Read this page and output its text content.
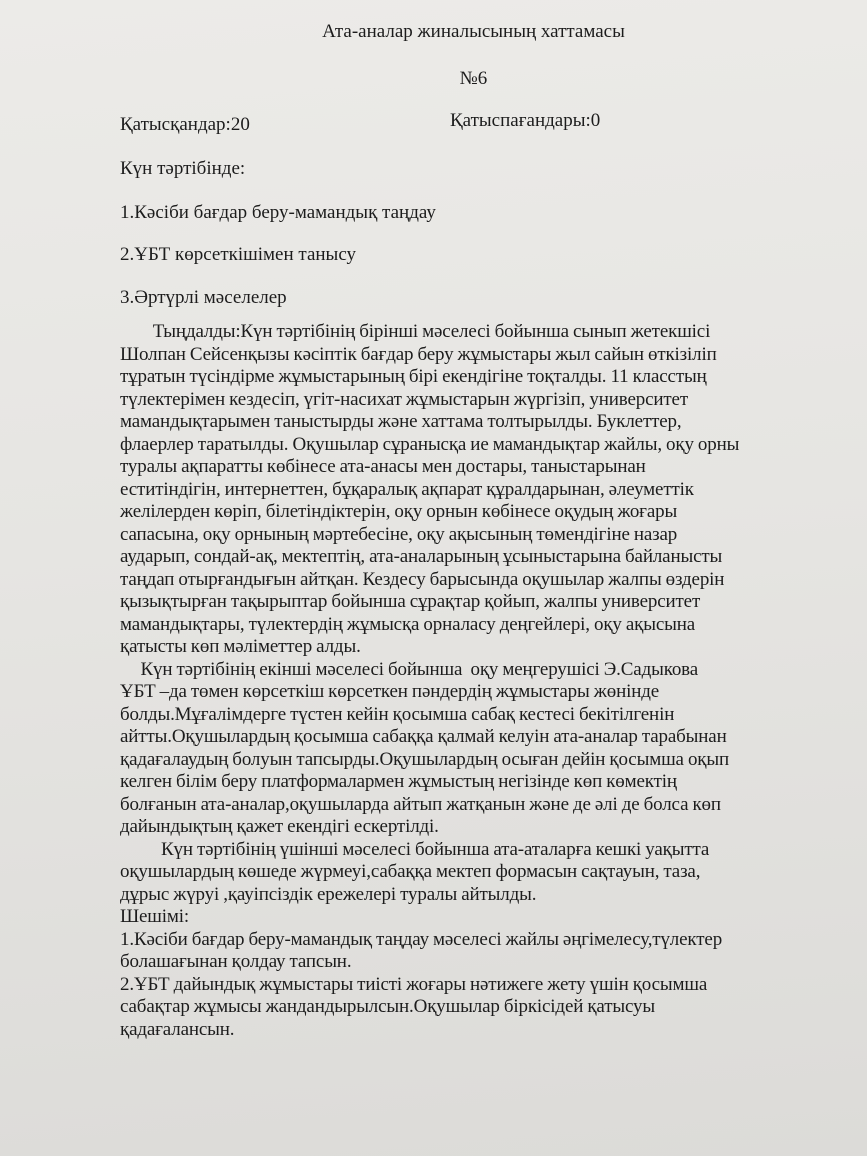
Ата-аналар жиналысының хаттамасы
№6
Қатысқандар:20	Қатыспағандары:0
Күн тәртібінде:
1.Кәсіби бағдар беру-мамандық таңдау
2.ҰБТ көрсеткішімен танысу
3.Әртүрлі мәселелер
Тыңдалды:Күн тәртібінің бірінші мәселесі бойынша сынып жетекшісі
Шолпан Сейсенқызы кәсіптік бағдар беру жұмыстары жыл сайын өткізіліп
тұратын түсіндірме жұмыстарының бірі екендігіне тоқталды. 11 класстың
түлектерімен кездесіп, үгіт-насихат жұмыстарын жүргізіп, университет
мамандықтарымен таныстырды және хаттама толтырылды. Буклеттер,
флаерлер таратылды. Оқушылар сұранысқа ие мамандықтар жайлы, оқу орны
туралы ақпаратты көбінесе ата-анасы мен достары, таныстарынан
еститіндігін, интернеттен, бұқаралық ақпарат құралдарынан, әлеуметтік
желілерден көріп, білетіндіктерін, оқу орнын көбінесе оқудың жоғары
сапасына, оқу орнының мәртебесіне, оқу ақысының төмендігіне назар
аударып, сондай-ақ, мектептің, ата-аналарының ұсыныстарына байланысты
таңдап отырғандығын айтқан. Кездесу барысында оқушылар жалпы өздерін
қызықтырған тақырыптар бойынша сұрақтар қойып, жалпы университет
мамандықтары, түлектердің жұмысқа орналасу деңгейлері, оқу ақысына
қатысты көп мәліметтер алды.
Күн тәртібінің екінші мәселесі бойынша  оқу меңгерушісі Э.Садыкова
ҰБТ –да төмен көрсеткіш көрсеткен пәндердің жұмыстары жөнінде
болды.Мұғалімдерге түстен кейін қосымша сабақ кестесі бекітілгенін
айтты.Оқушылардың қосымша сабаққа қалмай келуін ата-аналар тарабынан
қадағалаудың болуын тапсырды.Оқушылардың осыған дейін қосымша оқып
келген білім беру платформалармен жұмыстың негізінде көп көмектің
болғанын ата-аналар,оқушыларда айтып жатқанын және де әлі де болса көп
дайындықтың қажет екендігі ескертілді.
Күн тәртібінің үшінші мәселесі бойынша ата-аталарға кешкі уақытта
оқушылардың көшеде жүрмеуі,сабаққа мектеп формасын сақтауын, таза,
дұрыс жүруі ,қауіпсіздік ережелері туралы айтылды.
Шешімі:
1.Кәсіби бағдар беру-мамандық таңдау мәселесі жайлы әңгімелесу,түлектер
болашағынан қолдау тапсын.
2.ҰБТ дайындық жұмыстары тиісті жоғары нәтижеге жету үшін қосымша
сабақтар жұмысы жандандырылсын.Оқушылар біркісідей қатысуы
қадағалансын.
